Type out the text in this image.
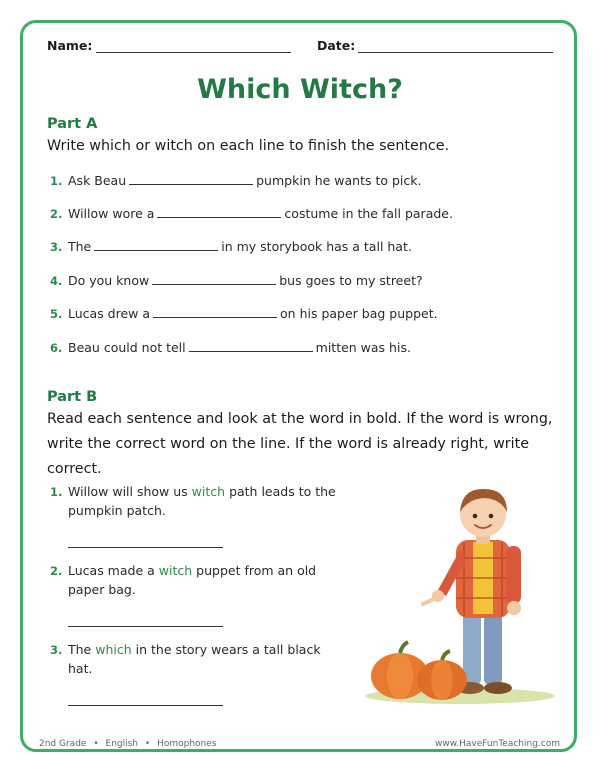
Name:	Date:
Which Witch?
Part A
Write which or witch on each line to finish the sentence.
1. Ask Beau	pumpkin he wants to pick.
2. Willow wore a	costume in the fall parade.
3. The	in my storybook has a tall hat.
4. Do you know	bus goes to my street?
5. Lucas drew a	on his paper bag puppet.
6. Beau could not tell	mitten was his.
Part B
Read each sentence and look at the word in bold. If the word is wrong,
write the correct word on the line. If the word is already right, write
correct.
1. Willow will show us witch path leads to the
pumpkin patch.
2. Lucas made a witch puppet from an old
paper bag.
3. The which in the story wears a tall black
hat.
2nd Grade • English • Homophones	www.HaveFunTeaching.com
